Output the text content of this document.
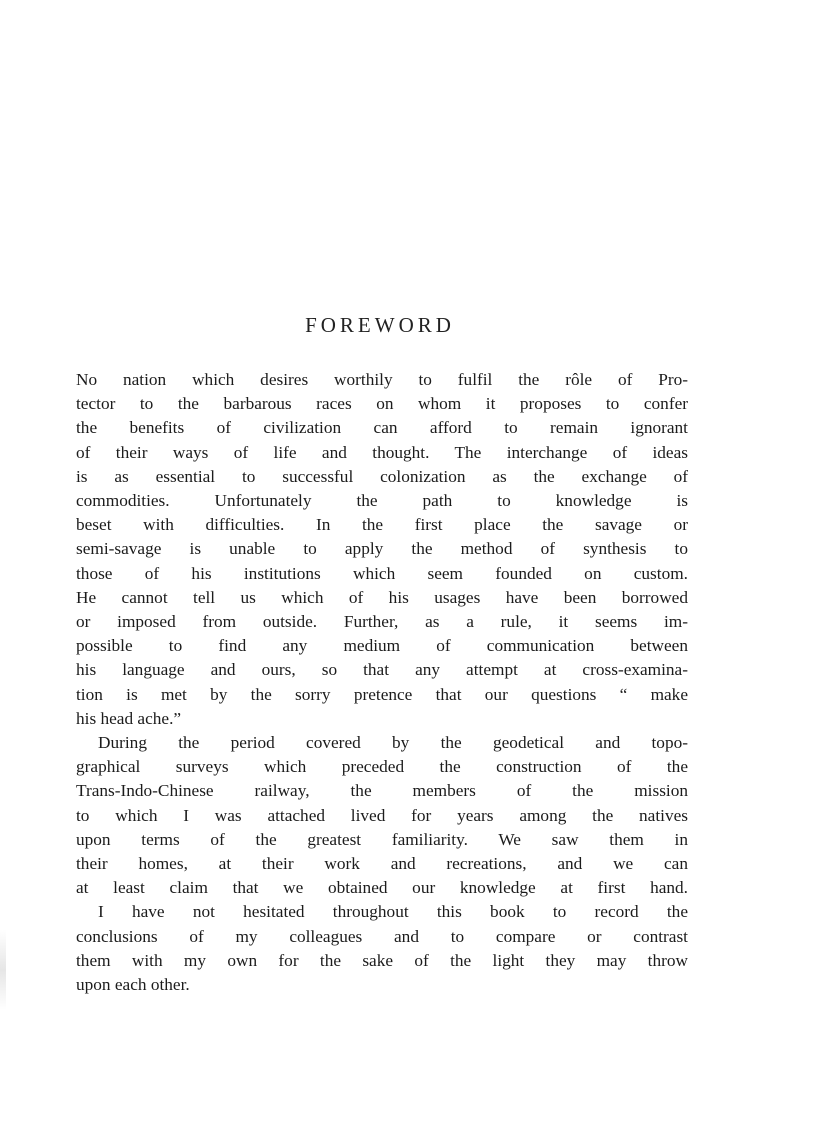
FOREWORD
No nation which desires worthily to fulfil the rôle of Pro-
tector to the barbarous races on whom it proposes to confer
the benefits of civilization can afford to remain ignorant
of their ways of life and thought. The interchange of ideas
is as essential to successful colonization as the exchange of
commodities. Unfortunately the path to knowledge is
beset with difficulties. In the first place the savage or
semi-savage is unable to apply the method of synthesis to
those of his institutions which seem founded on custom.
He cannot tell us which of his usages have been borrowed
or imposed from outside. Further, as a rule, it seems im-
possible to find any medium of communication between
his language and ours, so that any attempt at cross-examina-
tion is met by the sorry pretence that our questions “ make
his head ache.”
During the period covered by the geodetical and topo-
graphical surveys which preceded the construction of the
Trans-Indo-Chinese railway, the members of the mission
to which I was attached lived for years among the natives
upon terms of the greatest familiarity. We saw them in
their homes, at their work and recreations, and we can
at least claim that we obtained our knowledge at first hand.
I have not hesitated throughout this book to record the
conclusions of my colleagues and to compare or contrast
them with my own for the sake of the light they may throw
upon each other.
